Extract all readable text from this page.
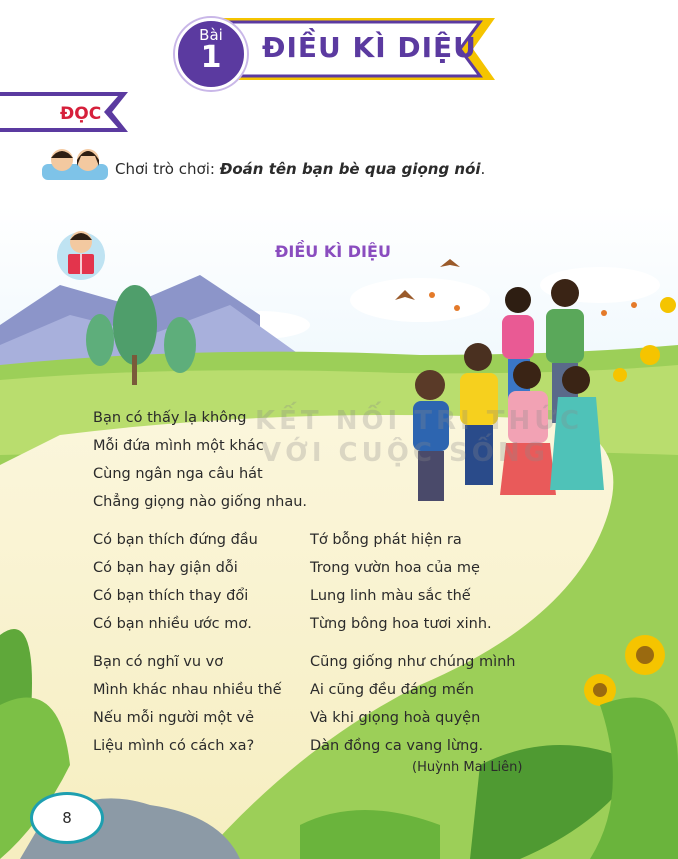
Bài
1	ĐIỀU KÌ DIỆU
ĐỌC
Chơi trò chơi: Đoán tên bạn bè qua giọng nói.
ĐIỀU KÌ DIỆU
KẾT NỐI TRI THỨC
VỚI CUỘC SỐNG
Bạn có thấy lạ không
Mỗi đứa mình một khác
Cùng ngân nga câu hát
Chẳng giọng nào giống nhau.
Có bạn thích đứng đầu
Có bạn hay giận dỗi
Có bạn thích thay đổi
Có bạn nhiều ước mơ.
Bạn có nghĩ vu vơ
Mình khác nhau nhiều thế
Nếu mỗi người một vẻ
Liệu mình có cách xa?
Tớ bỗng phát hiện ra
Trong vườn hoa của mẹ
Lung linh màu sắc thế
Từng bông hoa tươi xinh.
Cũng giống như chúng mình
Ai cũng đều đáng mến
Và khi giọng hoà quyện
Dàn đồng ca vang lừng.
(Huỳnh Mai Liên)
8
